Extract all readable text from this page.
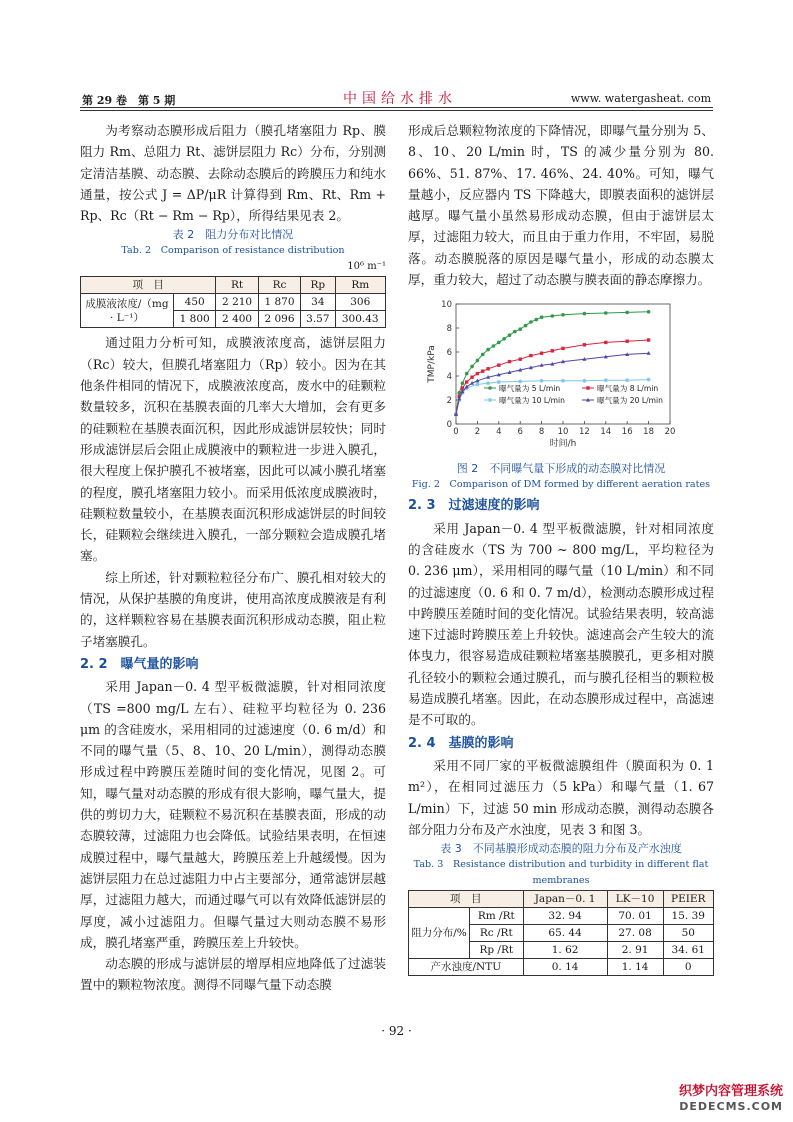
第 29 卷　第 5 期	中国给水排水	www. watergasheat. com

为考察动态膜形成后阻力（膜孔堵塞阻力 Rp、膜阻力 Rm、总阻力 Rt、滤饼层阻力 Rc）分布，分别测定清洁基膜、动态膜、去除动态膜后的跨膜压力和纯水通量，按公式 J = ΔP/μR 计算得到 Rm、Rt、Rm + Rp、Rc（Rt − Rm − Rp），所得结果见表 2。

表 2　阻力分布对比情况
Tab. 2　Comparison of resistance distribution
10⁶ m⁻¹
项　目		Rt	Rc	Rp	Rm
成膜液浓度/（mg · L⁻¹）	450	2 210	1 870	34	306
	1 800	2 400	2 096	3.57	300.43

通过阻力分析可知，成膜液浓度高，滤饼层阻力（Rc）较大，但膜孔堵塞阻力（Rp）较小。因为在其他条件相同的情况下，成膜液浓度高，废水中的硅颗粒数量较多，沉积在基膜表面的几率大大增加，会有更多的硅颗粒在基膜表面沉积，因此形成滤饼层较快；同时形成滤饼层后会阻止成膜液中的颗粒进一步进入膜孔，很大程度上保护膜孔不被堵塞，因此可以减小膜孔堵塞的程度，膜孔堵塞阻力较小。而采用低浓度成膜液时，硅颗粒数量较小，在基膜表面沉积形成滤饼层的时间较长，硅颗粒会继续进入膜孔，一部分颗粒会造成膜孔堵塞。

综上所述，针对颗粒粒径分布广、膜孔相对较大的情况，从保护基膜的角度讲，使用高浓度成膜液是有利的，这样颗粒容易在基膜表面沉积形成动态膜，阻止粒子堵塞膜孔。

2. 2　曝气量的影响

采用 Japan－0. 4 型平板微滤膜，针对相同浓度（TS =800 mg/L 左右）、硅粒平均粒径为 0. 236 μm 的含硅废水，采用相同的过滤速度（0. 6 m/d）和不同的曝气量（5、8、10、20 L/min），测得动态膜形成过程中跨膜压差随时间的变化情况，见图 2。可知，曝气量对动态膜的形成有很大影响，曝气量大，提供的剪切力大，硅颗粒不易沉积在基膜表面，形成的动态膜较薄，过滤阻力也会降低。试验结果表明，在恒速成膜过程中，曝气量越大，跨膜压差上升越缓慢。因为滤饼层阻力在总过滤阻力中占主要部分，通常滤饼层越厚，过滤阻力越大，而通过曝气可以有效降低滤饼层的厚度，减小过滤阻力。但曝气量过大则动态膜不易形成，膜孔堵塞严重，跨膜压差上升较快。

动态膜的形成与滤饼层的增厚相应地降低了过滤装置中的颗粒物浓度。测得不同曝气量下动态膜

形成后总颗粒物浓度的下降情况，即曝气量分别为 5、8、10、20 L/min 时，TS 的减少量分别为 80. 66%、51. 87%、17. 46%、24. 40%。可知，曝气量越小，反应器内 TS 下降越大，即膜表面积的滤饼层越厚。曝气量小虽然易形成动态膜，但由于滤饼层太厚，过滤阻力较大，而且由于重力作用，不牢固，易脱落。动态膜脱落的原因是曝气量小，形成的动态膜太厚，重力较大，超过了动态膜与膜表面的静态摩擦力。

0 2 4 6 8 10 12 14 16 18 20
0
2
4
6
8
10
时间/h
TMP/kPa
曝气量为 5 L/min	曝气量为 8 L/min
曝气量为 10 L/min	曝气量为 20 L/min
图 2　不同曝气量下形成的动态膜对比情况
Fig. 2　Comparison of DM formed by different aeration rates
2. 3　过滤速度的影响

采用 Japan－0. 4 型平板微滤膜，针对相同浓度的含硅废水（TS 为 700 ~ 800 mg/L，平均粒径为 0. 236 μm），采用相同的曝气量（10 L/min）和不同的过滤速度（0. 6 和 0. 7 m/d），检测动态膜形成过程中跨膜压差随时间的变化情况。试验结果表明，较高滤速下过滤时跨膜压差上升较快。滤速高会产生较大的流体曳力，很容易造成硅颗粒堵塞基膜膜孔，更多相对膜孔径较小的颗粒会通过膜孔，而与膜孔径相当的颗粒极易造成膜孔堵塞。因此，在动态膜形成过程中，高滤速是不可取的。

2. 4　基膜的影响

采用不同厂家的平板微滤膜组件（膜面积为 0. 1 m²），在相同过滤压力（5 kPa）和曝气量（1. 67 L/min）下，过滤 50 min 形成动态膜，测得动态膜各部分阻力分布及产水浊度，见表 3 和图 3。

表 3　不同基膜形成动态膜的阻力分布及产水浊度
Tab. 3　Resistance distribution and turbidity in different flat membranes
项　目		Japan－0. 1	LK－10	PEIER
阻力分布/%	Rm /Rt	32. 94	70. 01	15. 39
	Rc /Rt	65. 44	27. 08	50
	Rp /Rt	1. 62	2. 91	34. 61
产水浊度/NTU		0. 14	1. 14	0
· 92 ·
织梦内容管理系统
DEDECMS.COM
